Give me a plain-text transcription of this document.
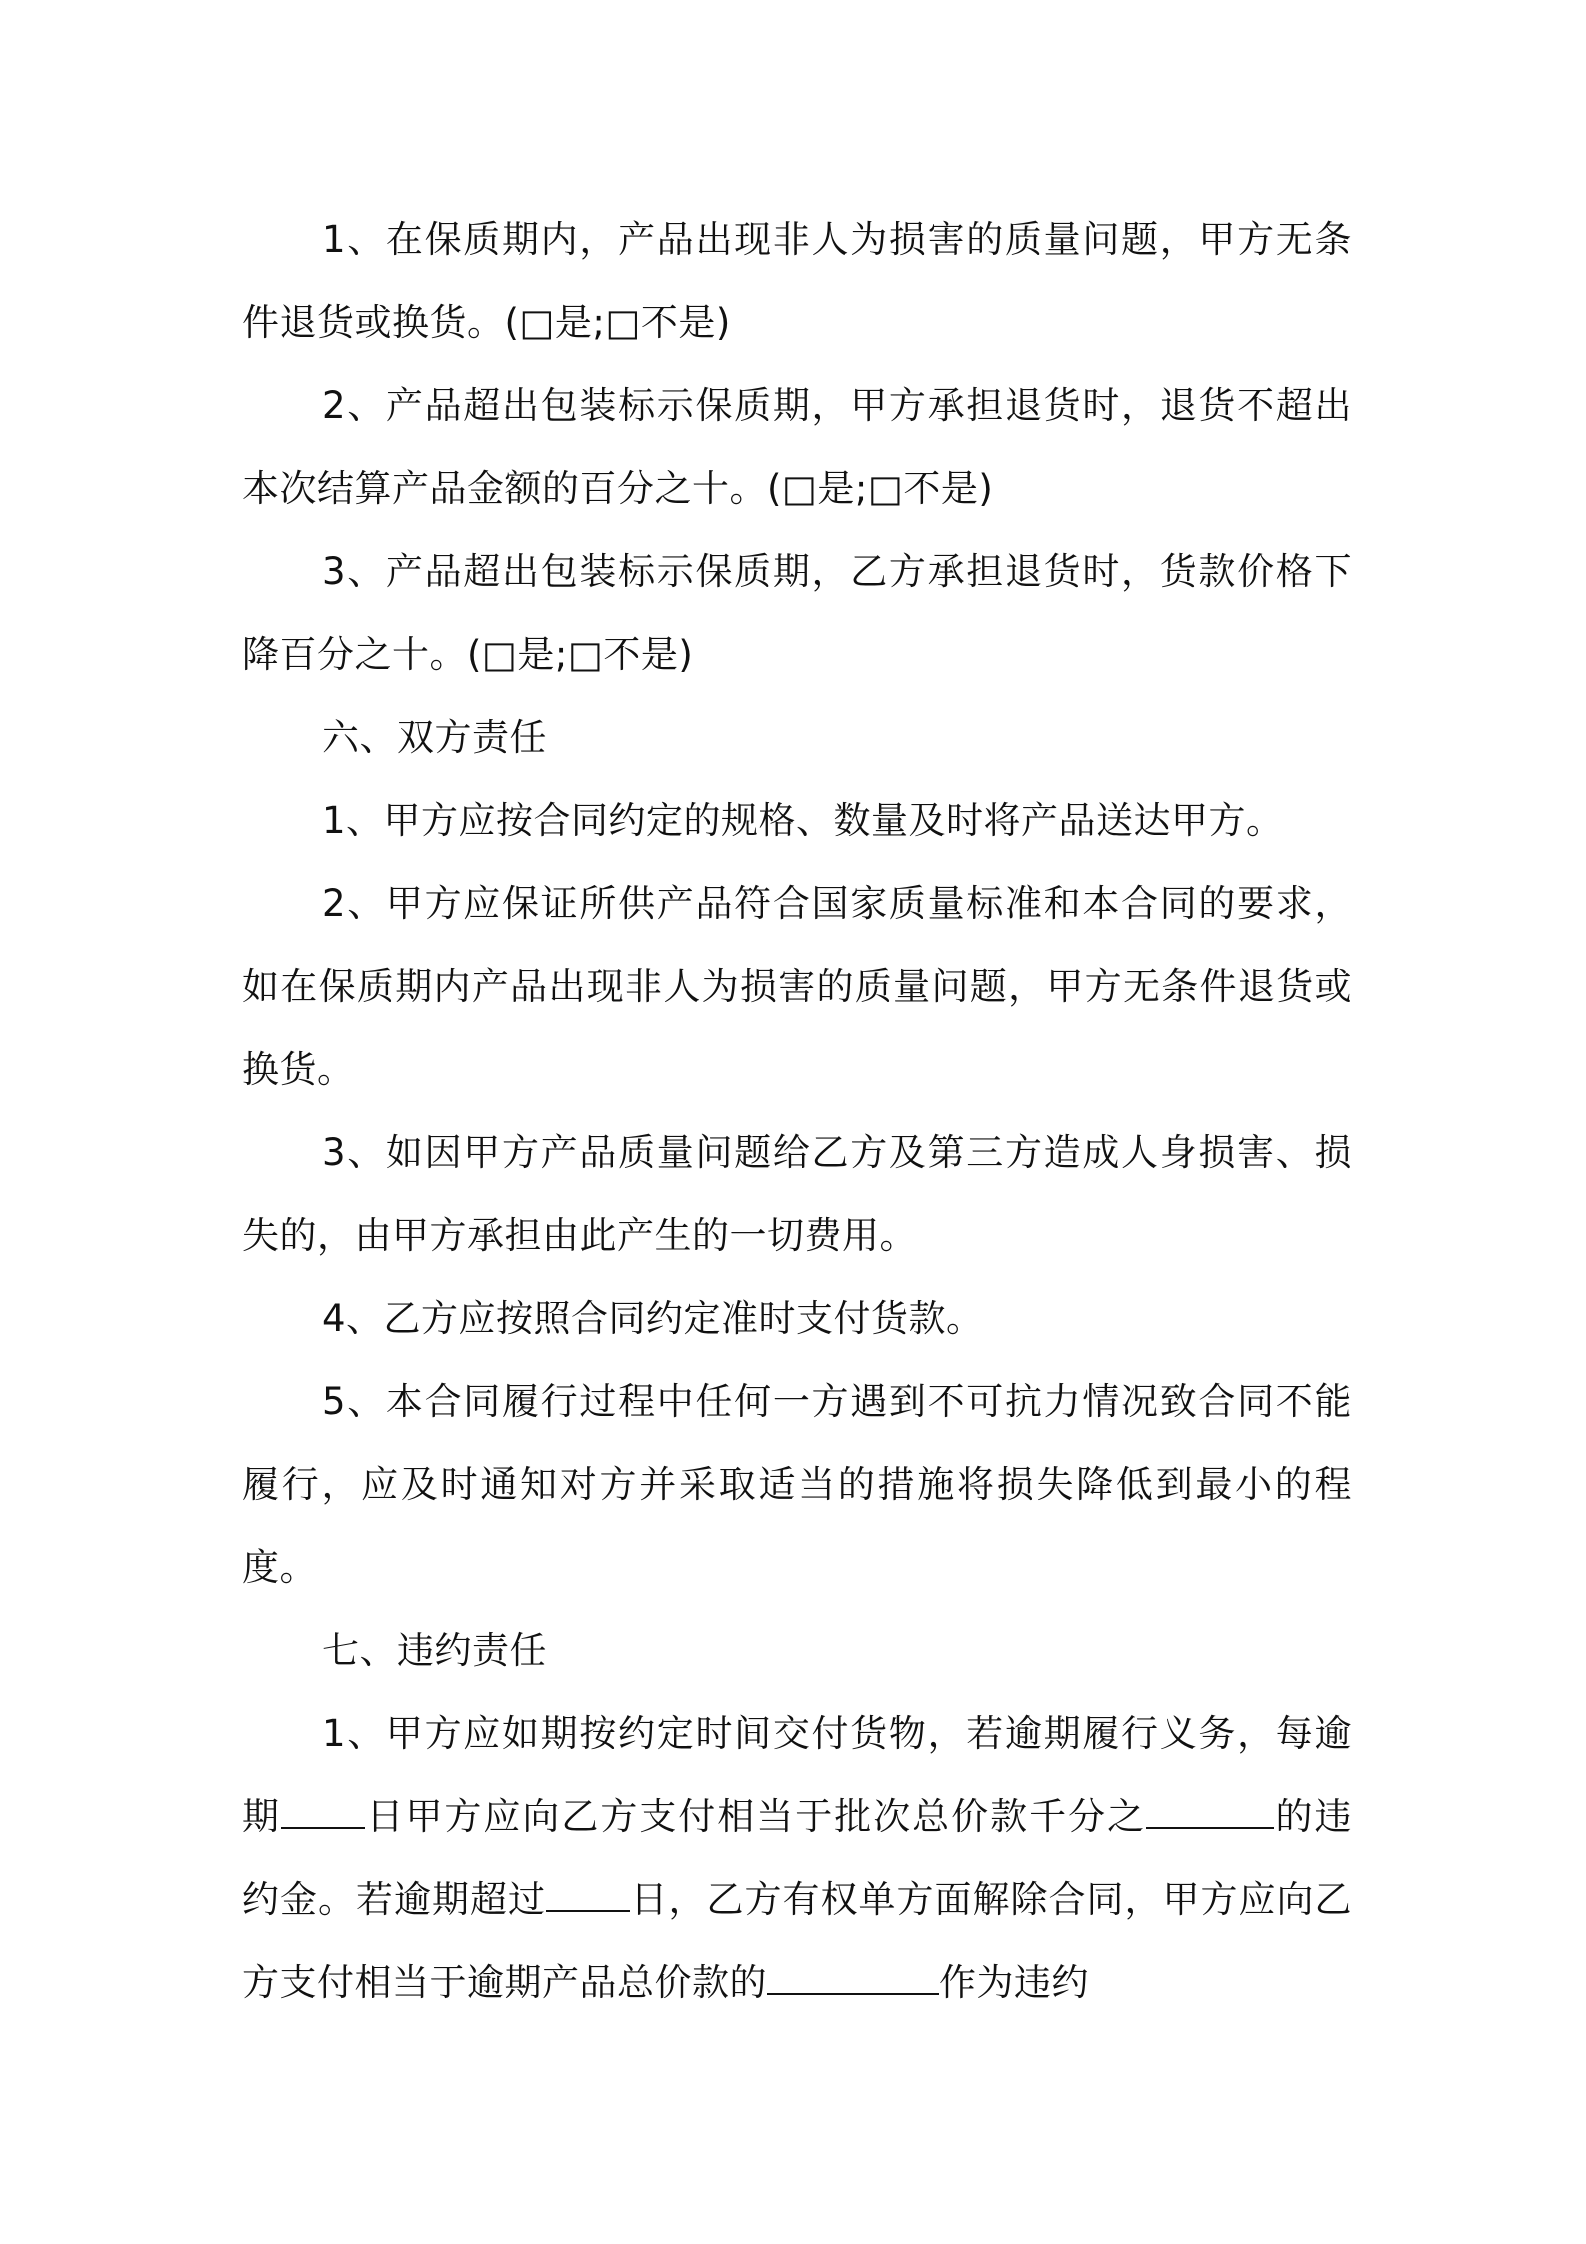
1、在保质期内，产品出现非人为损害的质量问题，甲方无条件退货或换货。(□是;□不是)

2、产品超出包装标示保质期，甲方承担退货时，退货不超出本次结算产品金额的百分之十。(□是;□不是)

3、产品超出包装标示保质期，乙方承担退货时，货款价格下降百分之十。(□是;□不是)

六、双方责任

1、甲方应按合同约定的规格、数量及时将产品送达甲方。

2、甲方应保证所供产品符合国家质量标准和本合同的要求，如在保质期内产品出现非人为损害的质量问题，甲方无条件退货或换货。

3、如因甲方产品质量问题给乙方及第三方造成人身损害、损失的，由甲方承担由此产生的一切费用。

4、乙方应按照合同约定准时支付货款。

5、本合同履行过程中任何一方遇到不可抗力情况致合同不能履行，应及时通知对方并采取适当的措施将损失降低到最小的程度。

七、违约责任

1、甲方应如期按约定时间交付货物，若逾期履行义务，每逾期 日甲方应向乙方支付相当于批次总价款千分之	的违约金。若逾期超过 日，乙方有权单方面解除合同，甲方应向乙方支付相当于逾期产品总价款的	作为违约
